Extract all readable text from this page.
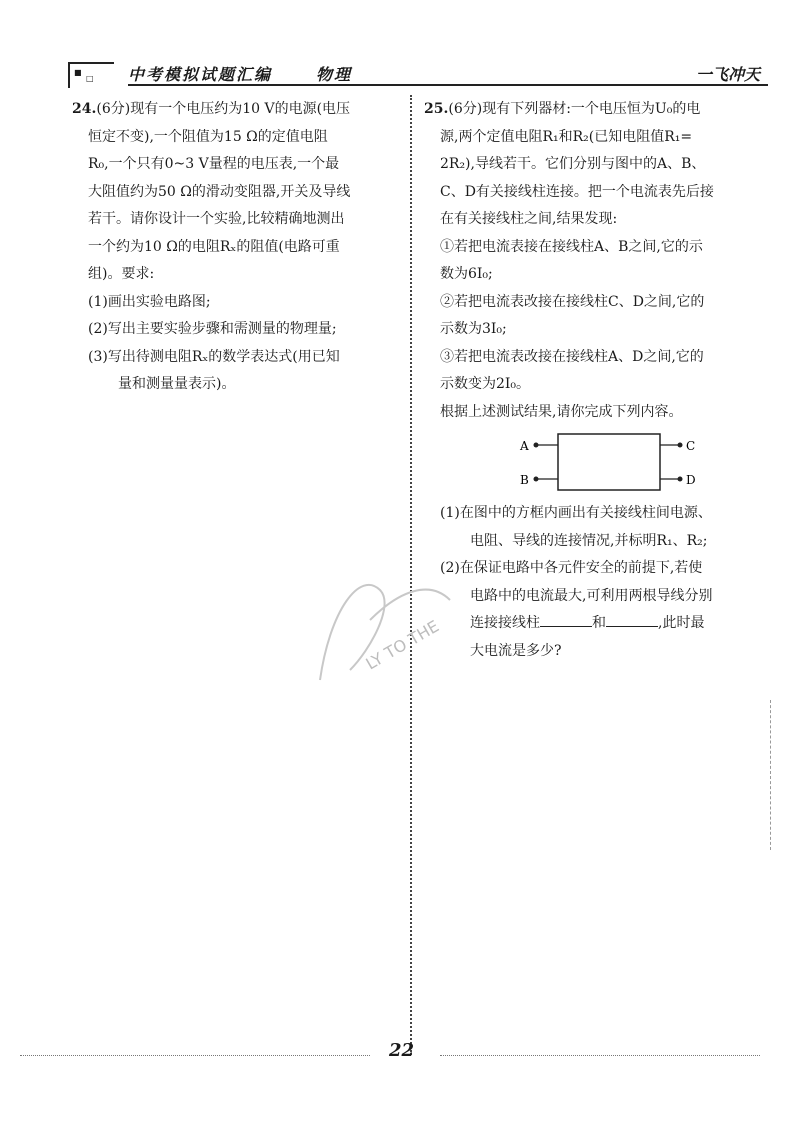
■
□ 中考模拟试题汇编	物理	一飞冲天

24.(6分)现有一个电压约为10 V的电源(电压

恒定不变),一个阻值为15 Ω的定值电阻

R₀,一个只有0~3 V量程的电压表,一个最

大阻值约为50 Ω的滑动变阻器,开关及导线

若干。请你设计一个实验,比较精确地测出

一个约为10 Ω的电阻Rₓ的阻值(电路可重

组)。要求:

(1)画出实验电路图;

(2)写出主要实验步骤和需测量的物理量;

(3)写出待测电阻Rₓ的数学表达式(用已知

量和测量量表示)。

25.(6分)现有下列器材:一个电压恒为U₀的电

源,两个定值电阻R₁和R₂(已知电阻值R₁=

2R₂),导线若干。它们分别与图中的A、B、

C、D有关接线柱连接。把一个电流表先后接

在有关接线柱之间,结果发现:

①若把电流表接在接线柱A、B之间,它的示

数为6I₀;

②若把电流表改接在接线柱C、D之间,它的

示数为3I₀;

③若把电流表改接在接线柱A、D之间,它的

示数变为2I₀。

根据上述测试结果,请你完成下列内容。

A
B
C
D

(1)在图中的方框内画出有关接线柱间电源、

电阻、导线的连接情况,并标明R₁、R₂;

(2)在保证电路中各元件安全的前提下,若使

电路中的电流最大,可利用两根导线分别

连接接线柱	和	,此时最

大电流是多少?

LY TO THE
22
